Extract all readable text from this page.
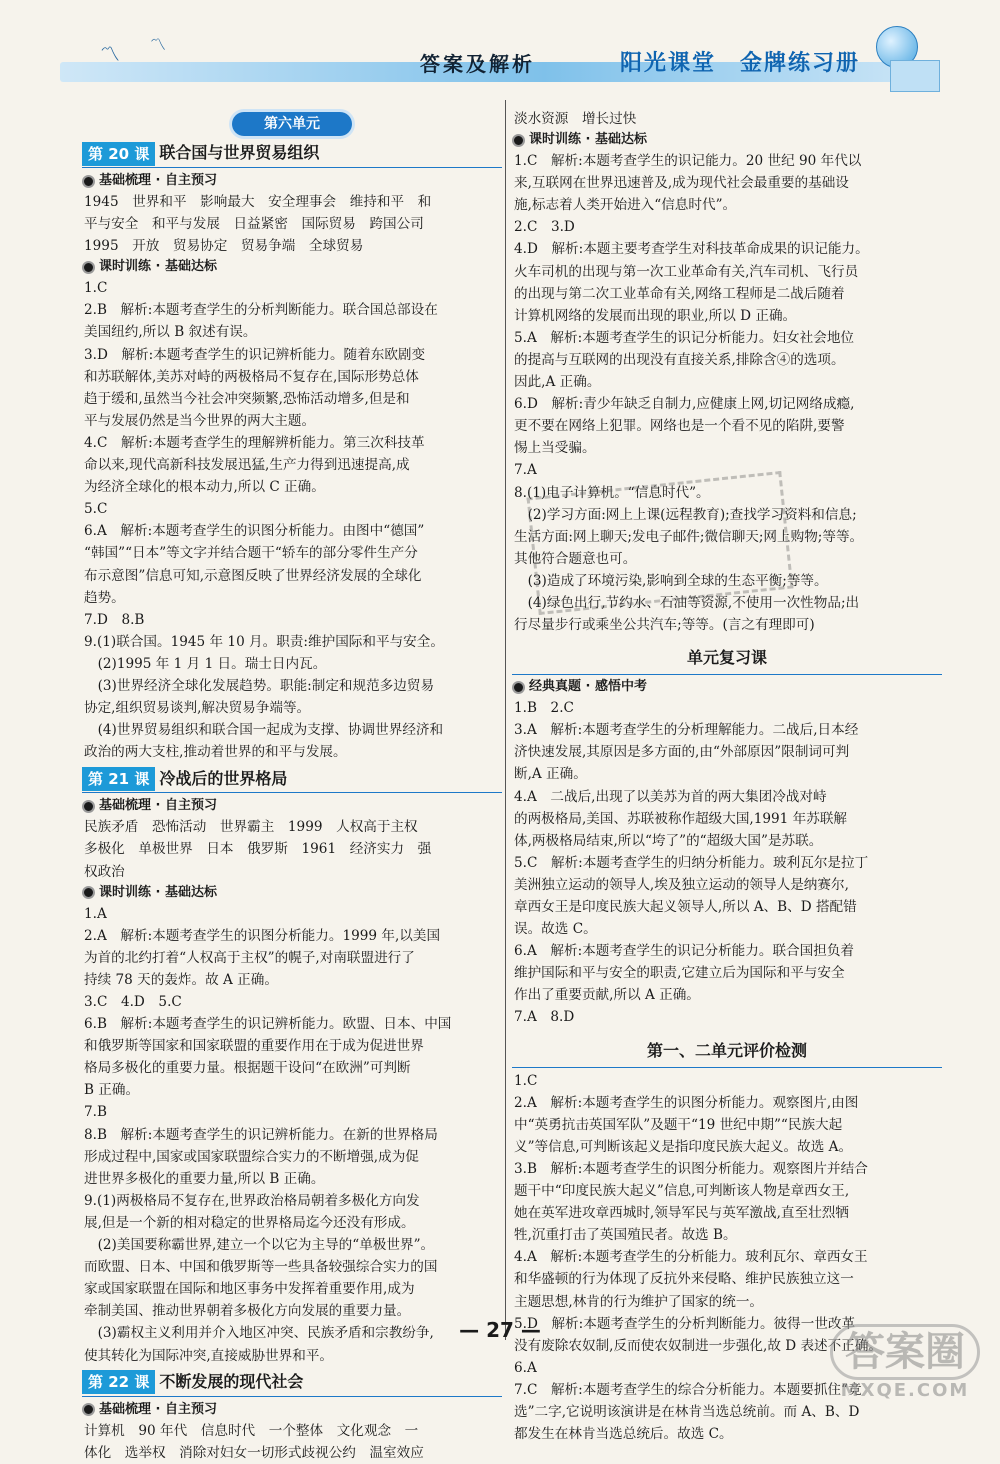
〽 〽
答案及解析	阳光课堂　金牌练习册
第六单元
第 20 课 联合国与世界贸易组织
基础梳理 · 自主预习
1945　世界和平　影响最大　安全理事会　维持和平　和
平与安全　和平与发展　日益紧密　国际贸易　跨国公司
1995　开放　贸易协定　贸易争端　全球贸易
课时训练 · 基础达标
1.C
2.B　解析:本题考查学生的分析判断能力。联合国总部设在
美国纽约,所以 B 叙述有误。
3.D　解析:本题考查学生的识记辨析能力。随着东欧剧变
和苏联解体,美苏对峙的两极格局不复存在,国际形势总体
趋于缓和,虽然当今社会冲突频繁,恐怖活动增多,但是和
平与发展仍然是当今世界的两大主题。
4.C　解析:本题考查学生的理解辨析能力。第三次科技革
命以来,现代高新科技发展迅猛,生产力得到迅速提高,成
为经济全球化的根本动力,所以 C 正确。
5.C
6.A　解析:本题考查学生的识图分析能力。由图中“德国”
“韩国”“日本”等文字并结合题干“轿车的部分零件生产分
布示意图”信息可知,示意图反映了世界经济发展的全球化
趋势。
7.D　8.B
9.(1)联合国。1945 年 10 月。职责:维护国际和平与安全。
　(2)1995 年 1 月 1 日。瑞士日内瓦。
　(3)世界经济全球化发展趋势。职能:制定和规范多边贸易
协定,组织贸易谈判,解决贸易争端等。
　(4)世界贸易组织和联合国一起成为支撑、协调世界经济和
政治的两大支柱,推动着世界的和平与发展。
第 21 课 冷战后的世界格局
基础梳理 · 自主预习
民族矛盾　恐怖活动　世界霸主　1999　人权高于主权
多极化　单极世界　日本　俄罗斯　1961　经济实力　强
权政治
课时训练 · 基础达标
1.A
2.A　解析:本题考查学生的识图分析能力。1999 年,以美国
为首的北约打着“人权高于主权”的幌子,对南联盟进行了
持续 78 天的轰炸。故 A 正确。
3.C　4.D　5.C
6.B　解析:本题考查学生的识记辨析能力。欧盟、日本、中国
和俄罗斯等国家和国家联盟的重要作用在于成为促进世界
格局多极化的重要力量。根据题干设问“在欧洲”可判断
B 正确。
7.B
8.B　解析:本题考查学生的识记辨析能力。在新的世界格局
形成过程中,国家或国家联盟综合实力的不断增强,成为促
进世界多极化的重要力量,所以 B 正确。
9.(1)两极格局不复存在,世界政治格局朝着多极化方向发
展,但是一个新的相对稳定的世界格局迄今还没有形成。
　(2)美国要称霸世界,建立一个以它为主导的“单极世界”。
而欧盟、日本、中国和俄罗斯等一些具备较强综合实力的国
家或国家联盟在国际和地区事务中发挥着重要作用,成为
牵制美国、推动世界朝着多极化方向发展的重要力量。
　(3)霸权主义利用并介入地区冲突、民族矛盾和宗教纷争,
使其转化为国际冲突,直接威胁世界和平。
第 22 课 不断发展的现代社会
基础梳理 · 自主预习
计算机　90 年代　信息时代　一个整体　文化观念　一
体化　选举权　消除对妇女一切形式歧视公约　温室效应
淡水资源　增长过快
课时训练 · 基础达标
1.C　解析:本题考查学生的识记能力。20 世纪 90 年代以
来,互联网在世界迅速普及,成为现代社会最重要的基础设
施,标志着人类开始进入“信息时代”。
2.C　3.D
4.D　解析:本题主要考查学生对科技革命成果的识记能力。
火车司机的出现与第一次工业革命有关,汽车司机、飞行员
的出现与第二次工业革命有关,网络工程师是二战后随着
计算机网络的发展而出现的职业,所以 D 正确。
5.A　解析:本题考查学生的识记分析能力。妇女社会地位
的提高与互联网的出现没有直接关系,排除含④的选项。
因此,A 正确。
6.D　解析:青少年缺乏自制力,应健康上网,切记网络成瘾,
更不要在网络上犯罪。网络也是一个看不见的陷阱,要警
惕上当受骗。
7.A
8.(1)电子计算机。“信息时代”。
　(2)学习方面:网上上课(远程教育);查找学习资料和信息;
生活方面:网上聊天;发电子邮件;微信聊天;网上购物;等等。
其他符合题意也可。
　(3)造成了环境污染,影响到全球的生态平衡;等等。
　(4)绿色出行,节约水、石油等资源,不使用一次性物品;出
行尽量步行或乘坐公共汽车;等等。(言之有理即可)
单元复习课
经典真题 · 感悟中考
1.B　2.C
3.A　解析:本题考查学生的分析理解能力。二战后,日本经
济快速发展,其原因是多方面的,由“外部原因”限制词可判
断,A 正确。
4.A　二战后,出现了以美苏为首的两大集团冷战对峙
的两极格局,美国、苏联被称作超级大国,1991 年苏联解
体,两极格局结束,所以“垮了”的“超级大国”是苏联。
5.C　解析:本题考查学生的归纳分析能力。玻利瓦尔是拉丁
美洲独立运动的领导人,埃及独立运动的领导人是纳赛尔,
章西女王是印度民族大起义领导人,所以 A、B、D 搭配错
误。故选 C。
6.A　解析:本题考查学生的识记分析能力。联合国担负着
维护国际和平与安全的职责,它建立后为国际和平与安全
作出了重要贡献,所以 A 正确。
7.A　8.D
第一、二单元评价检测
1.C
2.A　解析:本题考查学生的识图分析能力。观察图片,由图
中“英勇抗击英国军队”及题干“19 世纪中期”“民族大起
义”等信息,可判断该起义是指印度民族大起义。故选 A。
3.B　解析:本题考查学生的识图分析能力。观察图片并结合
题干中“印度民族大起义”信息,可判断该人物是章西女王,
她在英军进攻章西城时,领导军民与英军激战,直至壮烈牺
牲,沉重打击了英国殖民者。故选 B。
4.A　解析:本题考查学生的分析能力。玻利瓦尔、章西女王
和华盛顿的行为体现了反抗外来侵略、维护民族独立这一
主题思想,林肯的行为维护了国家的统一。
5.D　解析:本题考查学生的分析判断能力。彼得一世改革
没有废除农奴制,反而使农奴制进一步强化,故 D 表述不正确。
6.A
7.C　解析:本题考查学生的综合分析能力。本题要抓住“竞
选”二字,它说明该演讲是在林肯当选总统前。而 A、B、D
都发生在林肯当选总统后。故选 C。
— 27 —	答案圈
MXQE.COM
